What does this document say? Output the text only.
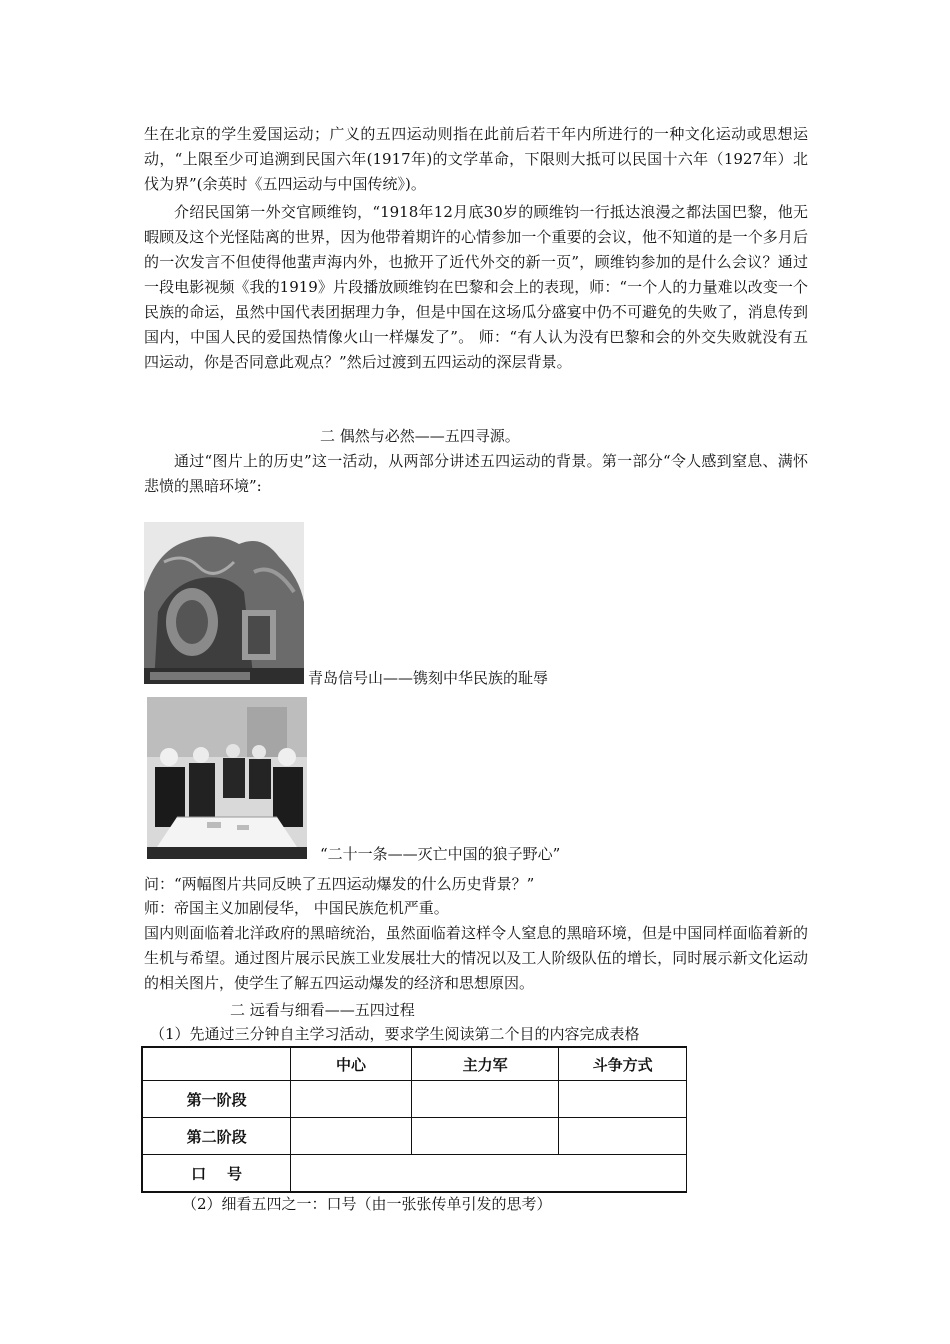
生在北京的学生爱国运动；广义的五四运动则指在此前后若干年内所进行的一种文化运动或思想运动，“上限至少可追溯到民国六年(1917年)的文学革命，下限则大抵可以民国十六年（1927年）北伐为界”(余英时《五四运动与中国传统》)。

介绍民国第一外交官顾维钧，“1918年12月底30岁的顾维钧一行抵达浪漫之都法国巴黎，他无暇顾及这个光怪陆离的世界，因为他带着期许的心情参加一个重要的会议，他不知道的是一个多月后的一次发言不但使得他蜚声海内外，也掀开了近代外交的新一页”，顾维钧参加的是什么会议？通过一段电影视频《我的1919》片段播放顾维钧在巴黎和会上的表现，师：“一个人的力量难以改变一个民族的命运，虽然中国代表团据理力争，但是中国在这场瓜分盛宴中仍不可避免的失败了，消息传到国内，中国人民的爱国热情像火山一样爆发了”。 师：“有人认为没有巴黎和会的外交失败就没有五四运动，你是否同意此观点？”然后过渡到五四运动的深层背景。

二 偶然与必然——五四寻源。

通过“图片上的历史”这一活动，从两部分讲述五四运动的背景。第一部分“令人感到窒息、满怀悲愤的黑暗环境”:

青岛信号山——镌刻中华民族的耻辱
“二十一条——灭亡中国的狼子野心”

问：“两幅图片共同反映了五四运动爆发的什么历史背景？”

师：帝国主义加剧侵华， 中国民族危机严重。

国内则面临着北洋政府的黑暗统治，虽然面临着这样令人窒息的黑暗环境，但是中国同样面临着新的生机与希望。通过图片展示民族工业发展壮大的情况以及工人阶级队伍的增长，同时展示新文化运动的相关图片，使学生了解五四运动爆发的经济和思想原因。

二 远看与细看——五四过程

（1）先通过三分钟自主学习活动，要求学生阅读第二个目的内容完成表格

	中心	主力军	斗争方式
第一阶段			
第二阶段			
口    号			

（2）细看五四之一：口号（由一张张传单引发的思考）
